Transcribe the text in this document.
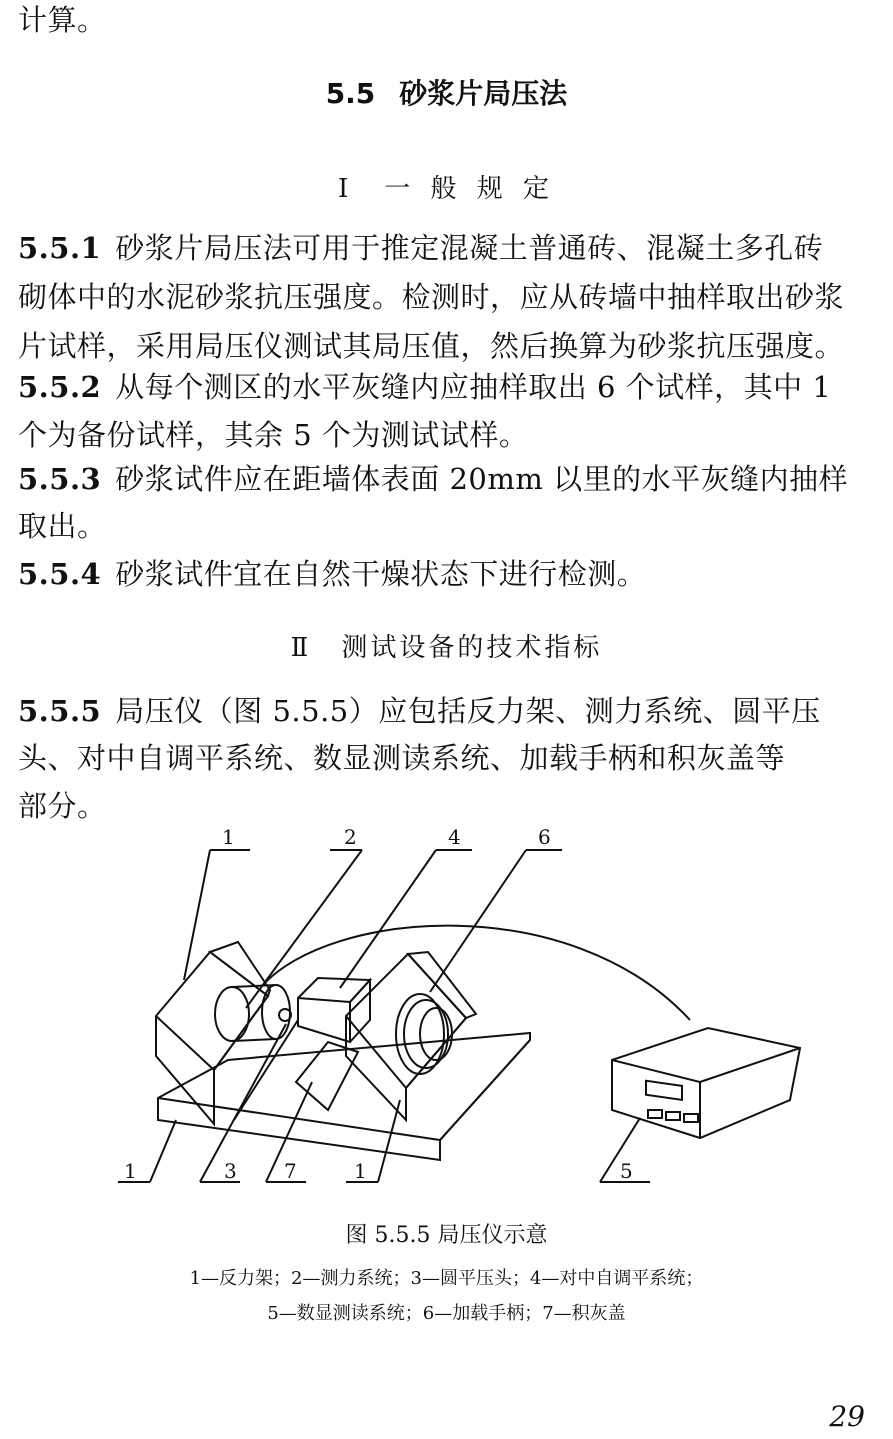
计算。
5.5 砂浆片局压法
Ⅰ 一 般 规 定
5.5.1 砂浆片局压法可用于推定混凝土普通砖、混凝土多孔砖
砌体中的水泥砂浆抗压强度。检测时，应从砖墙中抽样取出砂浆
片试样，采用局压仪测试其局压值，然后换算为砂浆抗压强度。
5.5.2 从每个测区的水平灰缝内应抽样取出 6 个试样，其中 1
个为备份试样，其余 5 个为测试试样。
5.5.3 砂浆试件应在距墙体表面 20mm 以里的水平灰缝内抽样
取出。
5.5.4 砂浆试件宜在自然干燥状态下进行检测。
Ⅱ 测试设备的技术指标
5.5.5 局压仪（图 5.5.5）应包括反力架、测力系统、圆平压
头、对中自调平系统、数显测读系统、加载手柄和积灰盖等
部分。
1	2	4	6
1	3 7	1	5
图 5.5.5 局压仪示意
1—反力架；2—测力系统；3—圆平压头；4—对中自调平系统；
5—数显测读系统；6—加载手柄；7—积灰盖
29
